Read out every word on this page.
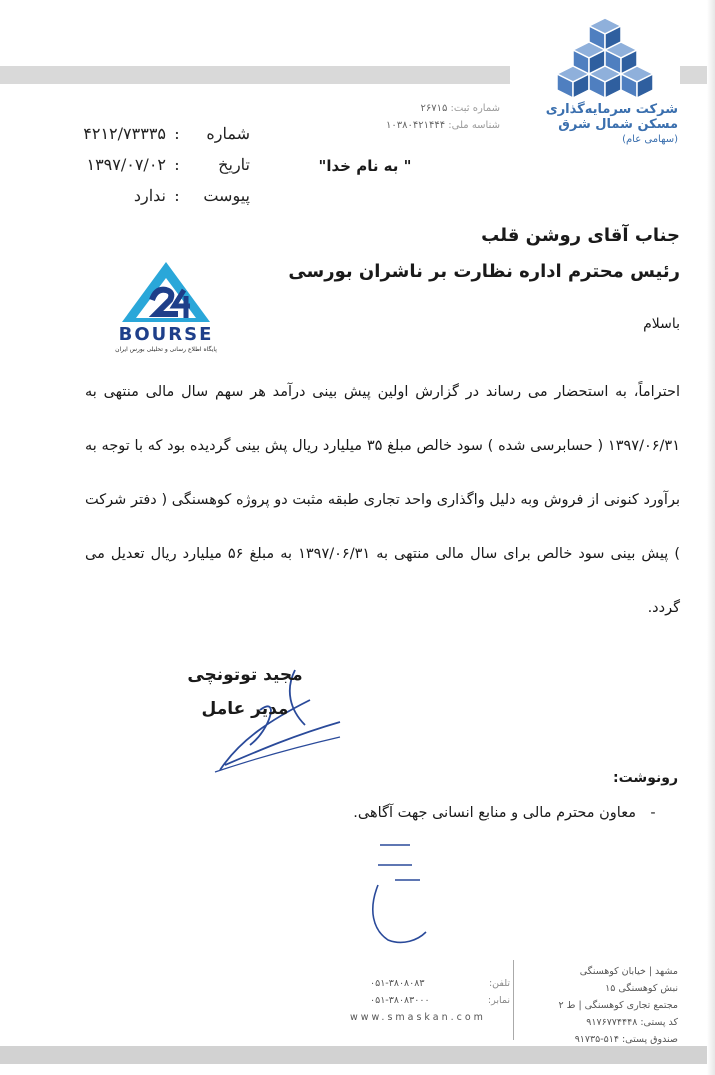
شرکت سرمایه‌گذاری
مسکن شمال شرق
(سهامی عام)
شماره ثبت: ۲۶۷۱۵
شناسه ملی: ۱۰۳۸۰۴۲۱۴۴۴
شماره:۴۲۱۲/۷۳۳۳۵
تاریخ:۱۳۹۷/۰۷/۰۲
پیوست:ندارد
" به نام خدا"
جناب آقای روشن قلب
رئیس محترم اداره نظارت بر ناشران بورسی
BOURSE
پایگاه اطلاع رسانی و تحلیلی بورس ایران
باسلام
احتراماً، به استحضار می رساند در گزارش اولین پیش بینی درآمد هر سهم سال مالی منتهی به ۱۳۹۷/۰۶/۳۱ ( حسابرسی شده ) سود خالص مبلغ ۳۵ میلیارد ریال پش بینی گردیده بود که با توجه به برآورد کنونی از فروش وبه دلیل واگذاری واحد تجاری طبقه مثبت دو پروژه کوهسنگی ( دفتر شرکت ) پیش بینی سود خالص برای سال مالی منتهی به ۱۳۹۷/۰۶/۳۱ به مبلغ ۵۶ میلیارد ریال تعدیل می گردد.
مجید توتونچی
مدیر عامل
رونوشت:
-معاون محترم مالی و منابع انسانی جهت آگاهی.
تلفن:۰۵۱-۳۸۰۸۰۸۳
نمابر:۰۵۱-۳۸۰۸۳۰۰۰
www.smaskan.com
مشهد | خیابان کوهسنگی
نبش کوهسنگی ۱۵
مجتمع تجاری کوهسنگی | ط ۲
کد پستی: ۹۱۷۶۷۷۴۴۴۸
صندوق پستی: ۹۱۷۳۵-۵۱۴
